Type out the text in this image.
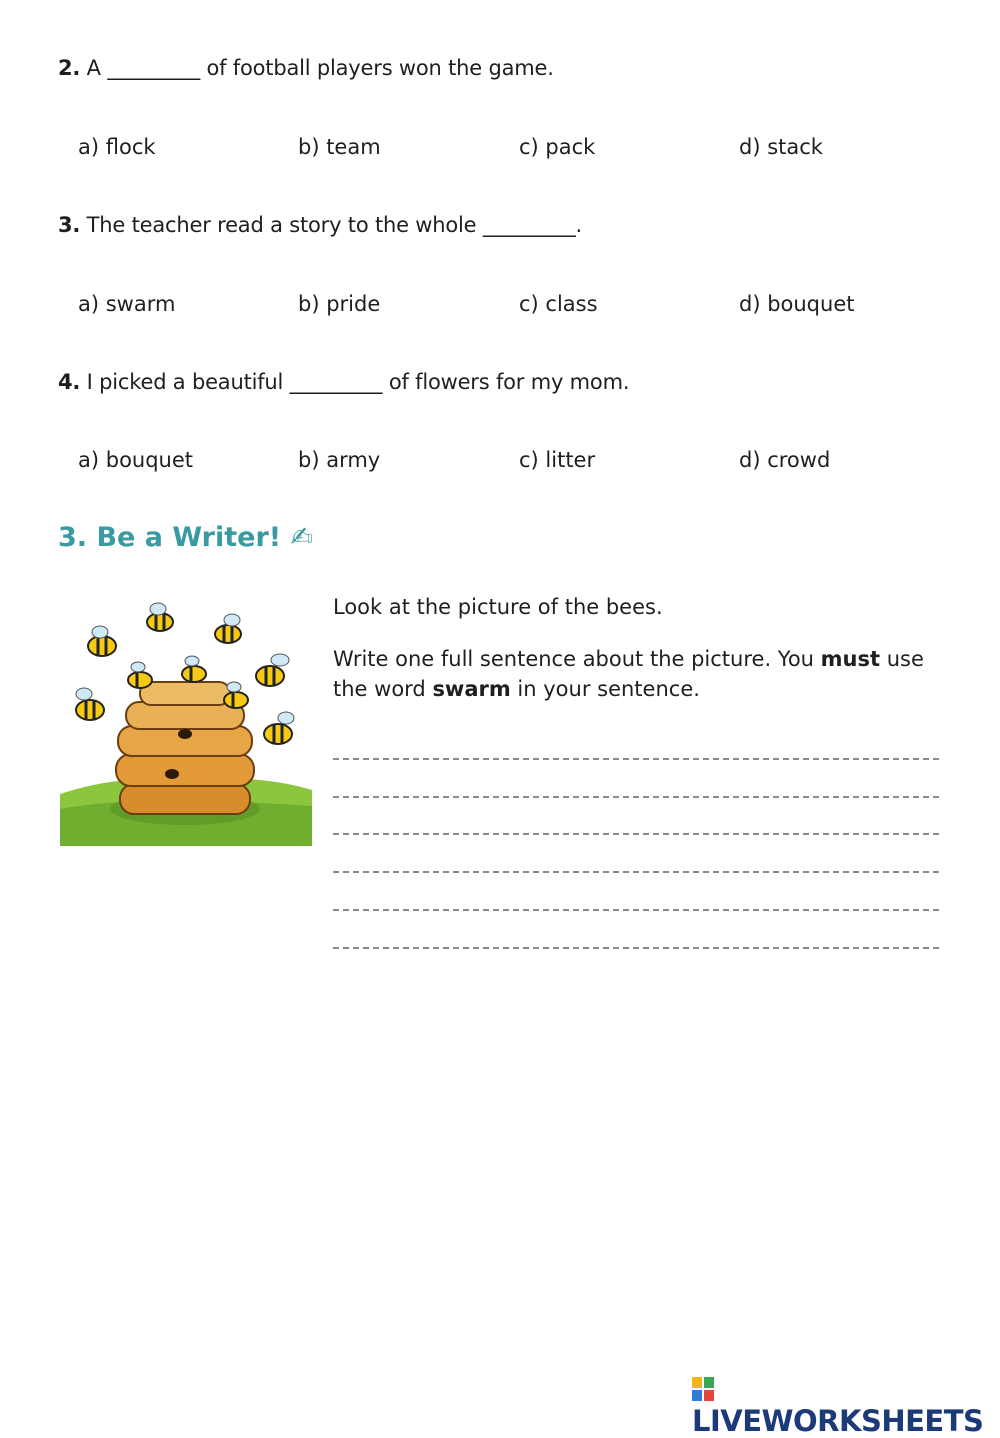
2. A _________ of football players won the game.
a) flock	b) team	c) pack	d) stack
3. The teacher read a story to the whole _________.
a) swarm	b) pride	c) class	d) bouquet
4. I picked a beautiful _________ of flowers for my mom.
a) bouquet	b) army	c) litter	d) crowd
3. Be a Writer! ✍
Look at the picture of the bees.
Write one full sentence about the picture. You must use the word swarm in your sentence.
LIVEWORKSHEETS
